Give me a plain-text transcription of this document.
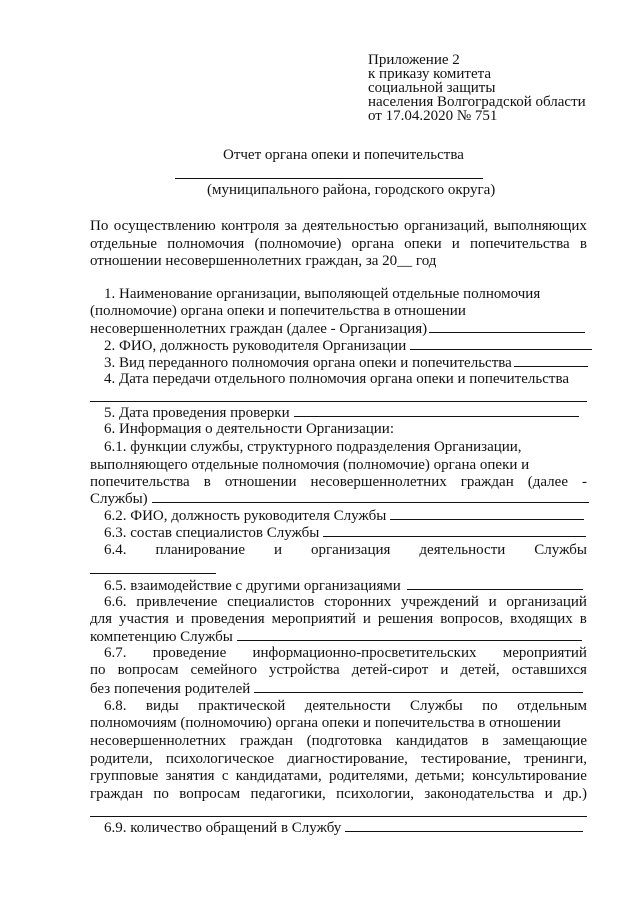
Приложение 2
к приказу комитета
социальной защиты
населения Волгоградской области
от 17.04.2020 № 751
Отчет органа опеки и попечительства
(муниципального района, городского округа)
По осуществлению контроля за деятельностью организаций, выполняющих
отдельные полномочия (полномочие) органа опеки и попечительства в
отношении несовершеннолетних граждан, за 20__ год
1. Наименование организации, выполяющей отдельные полномочия
(полномочие) органа опеки и попечительства в отношении
несовершеннолетних граждан (далее - Организация)
2. ФИО, должность руководителя Организации
3. Вид переданного полномочия органа опеки и попечительства
4. Дата передачи отдельного полномочия органа опеки и попечительства
5. Дата проведения проверки
6. Информация о деятельности Организации:
6.1. функции службы, структурного подразделения Организации,
выполняющего отдельные полномочия (полномочие) органа опеки и
попечительства в отношении несовершеннолетних граждан (далее -
Службы)
6.2. ФИО, должность руководителя Службы
6.3. состав специалистов Службы
6.4. планирование и организация деятельности Службы
6.5. взаимодействие с другими организациями
6.6. привлечение специалистов сторонних учреждений и организаций
для участия и проведения мероприятий и решения вопросов, входящих в
компетенцию Службы
6.7. проведение информационно-просветительских мероприятий
по вопросам семейного устройства детей-сирот и детей, оставшихся
без попечения родителей
6.8. виды практической деятельности Службы по отдельным
полномочиям (полномочию) органа опеки и попечительства в отношении
несовершеннолетних граждан (подготовка кандидатов в замещающие
родители, психологическое диагностирование, тестирование, тренинги,
групповые занятия с кандидатами, родителями, детьми; консультирование
граждан по вопросам педагогики, психологии, законодательства и др.)
6.9. количество обращений в Службу
